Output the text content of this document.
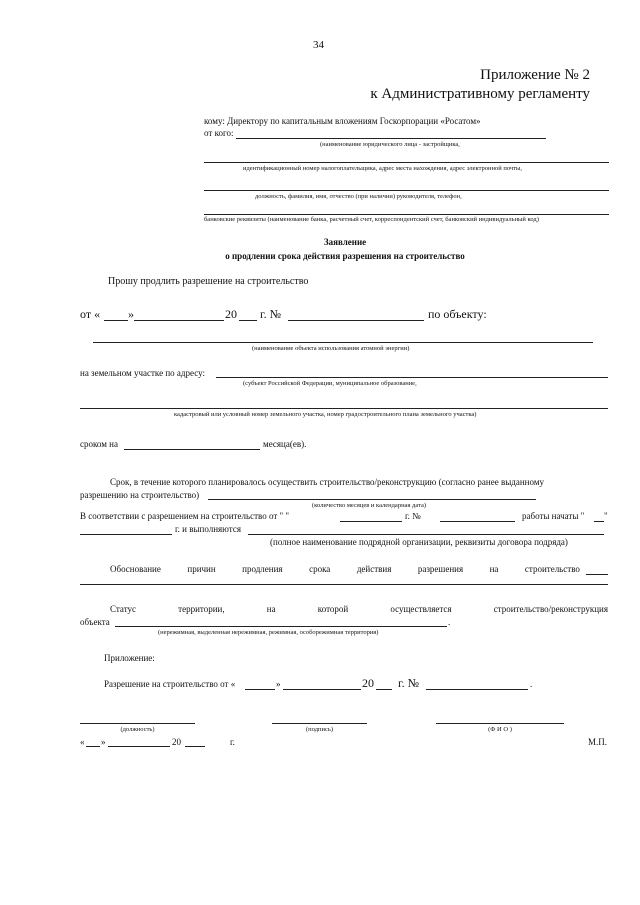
34
Приложение № 2
к Административному регламенту
кому: Директору по капитальным вложениям Госкорпорации «Росатом»
от кого:
(наименование юридического лица - застройщика,
идентификационный номер налогоплательщика, адрес места нахождения, адрес электронной почты,
должность, фамилия, имя, отчество (при наличии) руководителя, телефон,
банковские реквизиты (наименование банка, расчетный счет, корреспондентский счет, банковский индивидуальный код)
Заявление
о продлении срока действия разрешения на строительство
Прошу продлить разрешение на строительство
от « »	20 г. №	по объекту:
(наименование объекта использования атомной энергии)
на земельном участке по адресу:
(субъект Российской Федерации, муниципальное образование,
кадастровый или условный номер земельного участка, номер градостроительного плана земельного участка)
сроком на	месяца(ев).
Срок, в течение которого планировалось осуществить строительство/реконструкцию (согласно ранее выданному
разрешению на строительство)
(количество месяцев и календарная дата)
В соответствии с разрешением на строительство от " "	г. №	работы начаты " "
г. и выполняются
(полное наименование подрядной организации, реквизиты договора подряда)
Обоснование	причин	продления	срока	действия	разрешения	на	строительство
Статус	территории,	на	которой	осуществляется	строительство/реконструкция
объекта	.
(нережимная, выделенная нережимная, режимная, особорежимная территория)
Приложение:
Разрешение на строительство от «	»	20 г. №	.
(должность)	(подпись)	(Ф И О )
« »	20	г.	М.П.
